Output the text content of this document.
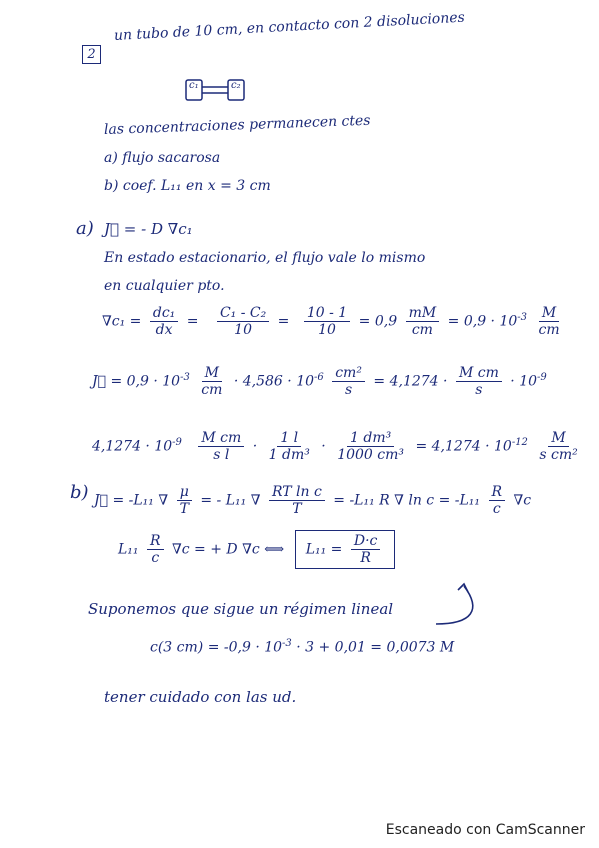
2
un tubo de 10 cm, en contacto con 2 disoluciones
c₁	c₂
las concentraciones permanecen ctes
a) flujo sacarosa
b) coef. L₁₁ en x = 3 cm
a) J⃗ = - D ∇c₁
En estado estacionario, el flujo vale lo mismo
en cualquier pto.
$\nabla c_1 = \frac{\text{dc₁}}{dx} = \frac{\text{C₁ - C₂}}{10} = \frac{10 - 1}{10} = 0,9 \frac{mM}{cm} = 0,9 \cdot 10^{-3} \frac{M}{cm}$
J⃗ = $0,9 \cdot 10^{-3} \frac{M}{cm} \cdot 4,586 \cdot 10^{-6} \frac{\text{cm²}}{s} = 4,1274 \cdot \frac{\text{M cm}}{s} \cdot 10^{-9}$
$4,1274 \cdot 10^{-9} \frac{\text{M cm}}{\text{s l}} \cdot \frac{1 l}{\text{1 dm³}} \cdot \frac{\text{1 dm³}}{\text{1000 cm³}} = 4,1274 \cdot 10^{-12} \frac{M}{\text{s cm²}}$
b) J⃗ = -L₁₁ ∇ $\frac{\mu}{T}$ = - L₁₁ ∇ $\frac{\text{RT ln c}}{T} = -L_{11}$ R ∇ $\ln c = -L_{11} \frac{R}{c} \nabla c$
$L_{11} \frac{R}{c} \nabla c$ = + D ∇c ⟺ $L_{11} = \frac{D\cdot c}{R}$
Suponemos que sigue un régimen lineal
c(3 $cm) = -0,9 \cdot 10^{-3} \cdot 3 + 0,01 = 0,0073$ M
tener cuidado con las ud.
Escaneado con CamScanner
